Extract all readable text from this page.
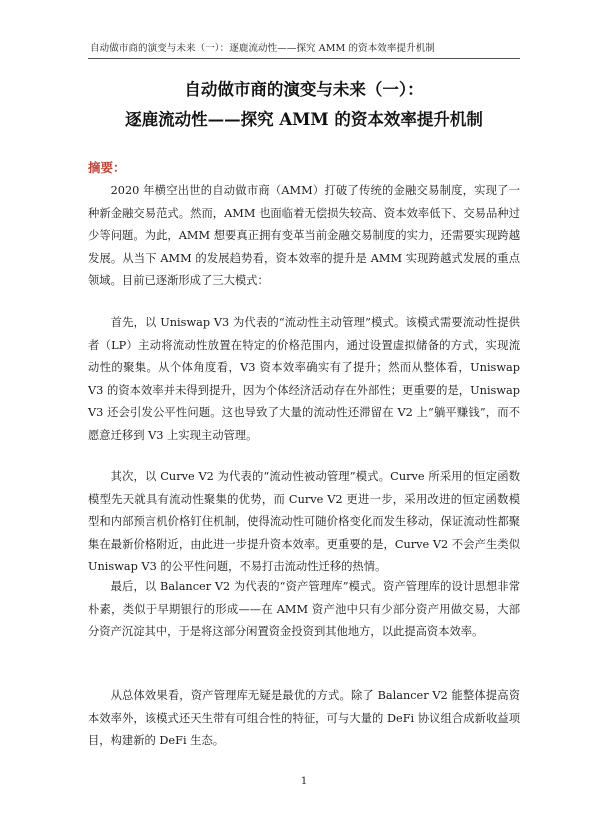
自动做市商的演变与未来（一）：逐鹿流动性——探究 AMM 的资本效率提升机制
自动做市商的演变与未来（一）：
逐鹿流动性——探究 AMM 的资本效率提升机制
摘要：

2020 年横空出世的自动做市商（AMM）打破了传统的金融交易制度，实现了一种新金融交易范式。然而，AMM 也面临着无偿损失较高、资本效率低下、交易品种过少等问题。为此，AMM 想要真正拥有变革当前金融交易制度的实力，还需要实现跨越发展。从当下 AMM 的发展趋势看，资本效率的提升是 AMM 实现跨越式发展的重点领域。目前已逐渐形成了三大模式：

首先，以 Uniswap V3 为代表的“流动性主动管理”模式。该模式需要流动性提供者（LP）主动将流动性放置在特定的价格范围内，通过设置虚拟储备的方式，实现流动性的聚集。从个体角度看，V3 资本效率确实有了提升；然而从整体看，Uniswap V3 的资本效率并未得到提升，因为个体经济活动存在外部性；更重要的是，Uniswap V3 还会引发公平性问题。这也导致了大量的流动性还滞留在 V2 上“躺平赚钱”，而不愿意迁移到 V3 上实现主动管理。

其次，以 Curve V2 为代表的“流动性被动管理”模式。Curve 所采用的恒定函数模型先天就具有流动性聚集的优势，而 Curve V2 更进一步，采用改进的恒定函数模型和内部预言机价格钉住机制，使得流动性可随价格变化而发生移动，保证流动性都聚集在最新价格附近，由此进一步提升资本效率。更重要的是，Curve V2 不会产生类似 Uniswap V3 的公平性问题，不易打击流动性迁移的热情。

最后，以 Balancer V2 为代表的“资产管理库”模式。资产管理库的设计思想非常朴素，类似于早期银行的形成——在 AMM 资产池中只有少部分资产用做交易，大部分资产沉淀其中，于是将这部分闲置资金投资到其他地方，以此提高资本效率。

从总体效果看，资产管理库无疑是最优的方式。除了 Balancer V2 能整体提高资本效率外，该模式还天生带有可组合性的特征，可与大量的 DeFi 协议组合成新收益项目，构建新的 DeFi 生态。

1
